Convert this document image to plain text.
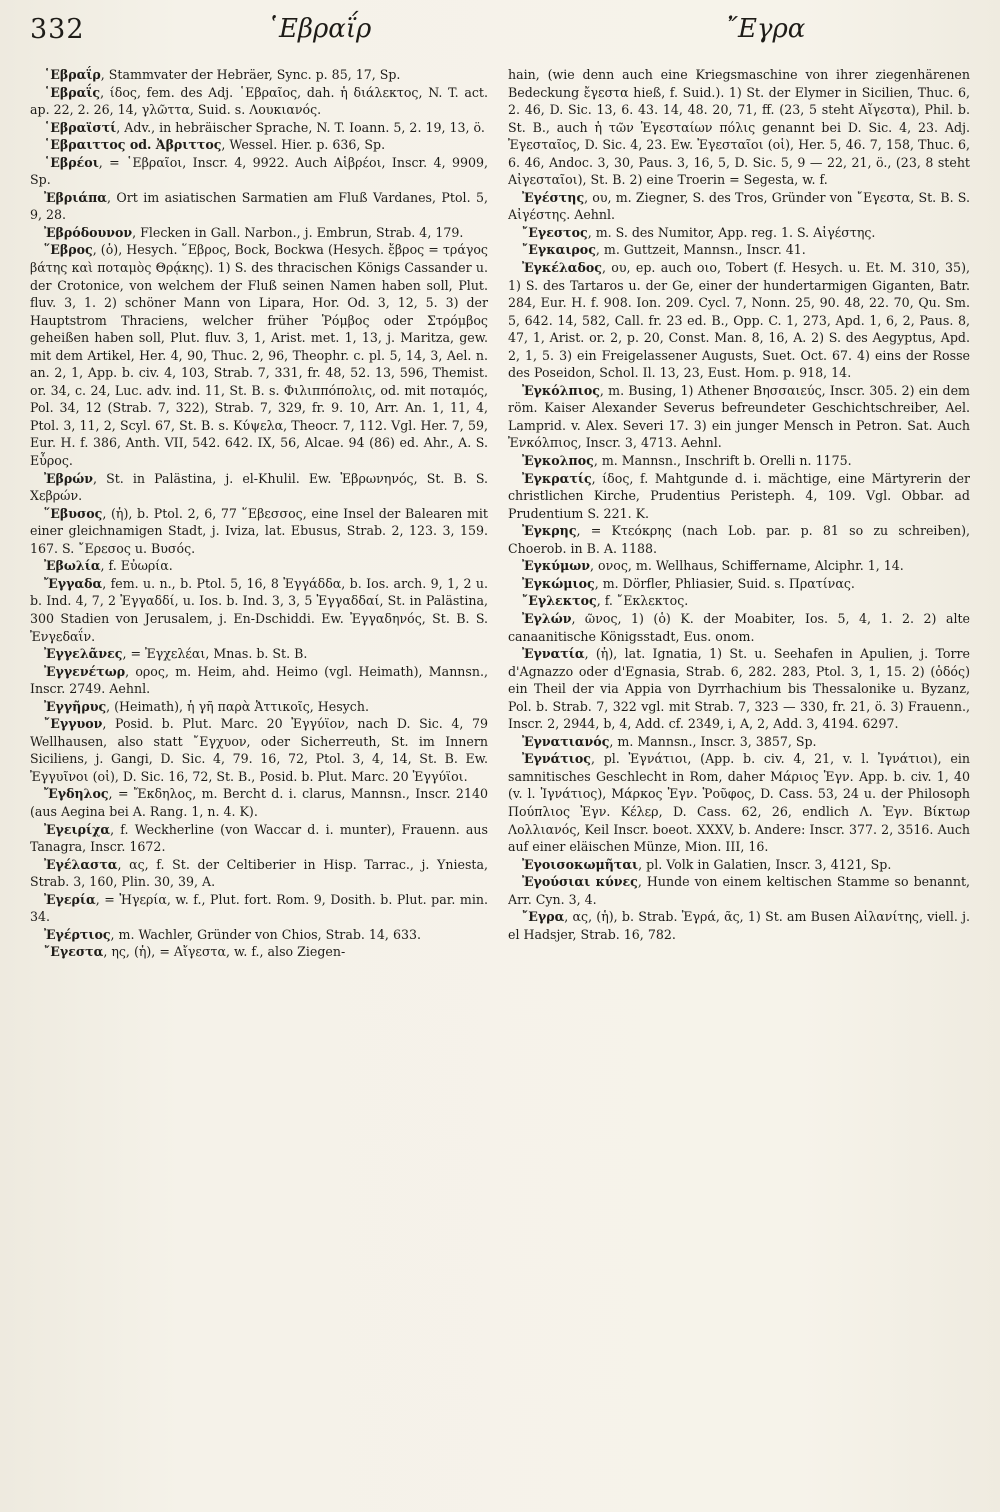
332	῾Εβραΐρ	῎Εγρα

῾Εβραΐρ, Stammvater der Hebräer, Sync. p. 85, 17, Sp.

῾Εβραΐς, ίδος, fem. des Adj. ῾Εβραῖος, dah. ἡ διάλεκτος, N. T. act. ap. 22, 2. 26, 14, γλῶττα, Suid. s. Λουκιανός.

῾Εβραϊστί, Adv., in hebräischer Sprache, N. T. Ioann. 5, 2. 19, 13, ö.

῾Εβραιττος od. Ἀβριττος, Wessel. Hier. p. 636, Sp.

῾Εβρέοι, = ῾Εβραῖοι, Inscr. 4, 9922. Auch Αἱβρέοι, Inscr. 4, 9909, Sp.

Ἐβριάπα, Ort im asiatischen Sarmatien am Fluß Vardanes, Ptol. 5, 9, 28.

Ἐβρόδουνον, Flecken in Gall. Narbon., j. Embrun, Strab. 4, 179.

῞Εβρος, (ὁ), Hesych. ῞Εβρος, Bock, Bockwa (Hesych. ἔβρος = τράγος βάτης καὶ ποταμὸς Θρᾴκης). 1) S. des thracischen Königs Cassander u. der Crotonice, von welchem der Fluß seinen Namen haben soll, Plut. fluv. 3, 1. 2) schöner Mann von Lipara, Hor. Od. 3, 12, 5. 3) der Hauptstrom Thraciens, welcher früher Ῥόμβος oder Στρόμβος geheißen haben soll, Plut. fluv. 3, 1, Arist. met. 1, 13, j. Maritza, gew. mit dem Artikel, Her. 4, 90, Thuc. 2, 96, Theophr. c. pl. 5, 14, 3, Ael. n. an. 2, 1, App. b. civ. 4, 103, Strab. 7, 331, fr. 48, 52. 13, 596, Themist. or. 34, c. 24, Luc. adv. ind. 11, St. B. s. Φιλιππόπολις, od. mit ποταμός, Pol. 34, 12 (Strab. 7, 322), Strab. 7, 329, fr. 9. 10, Arr. An. 1, 11, 4, Ptol. 3, 11, 2, Scyl. 67, St. B. s. Κύψελα, Theocr. 7, 112. Vgl. Her. 7, 59, Eur. H. f. 386, Anth. VII, 542. 642. IX, 56, Alcae. 94 (86) ed. Ahr., A. S. Εὖρος.

Ἐβρών, St. in Palästina, j. el-Khulil. Ew. Ἐβρωνηνός, St. B. S. Χεβρών.

῞Εβυσος, (ἡ), b. Ptol. 2, 6, 77 ῞Εβεσσος, eine Insel der Balearen mit einer gleichnamigen Stadt, j. Iviza, lat. Ebusus, Strab. 2, 123. 3, 159. 167. S. ῎Ερεσος u. Βυσός.

Ἐβωλία, f. Εὐωρία.

Ἔγγαδα, fem. u. n., b. Ptol. 5, 16, 8 Ἐγγάδδα, b. Ios. arch. 9, 1, 2 u. b. Ind. 4, 7, 2 Ἐγγαδδί, u. Ios. b. Ind. 3, 3, 5 Ἐγγαδδαί, St. in Palästina, 300 Stadien von Jerusalem, j. En-Dschiddi. Ew. Ἐγγαδηνός, St. B. S. Ἐνγεδαΐν.

Ἐγγελᾶνες, = Ἐγχελέαι, Mnas. b. St. B.

Ἐγγενέτωρ, ορος, m. Heim, ahd. Heimo (vgl. Heimath), Mannsn., Inscr. 2749. Aehnl.

Ἐγγῆρυς, (Heimath), ἡ γῆ παρὰ Ἀττικοῖς, Hesych.

῎Εγγυον, Posid. b. Plut. Marc. 20 Ἐγγύϊον, nach D. Sic. 4, 79 Wellhausen, also statt ῎Εγχυον, oder Sicherreuth, St. im Innern Siciliens, j. Gangi, D. Sic. 4, 79. 16, 72, Ptol. 3, 4, 14, St. B. Ew. Ἐγγυῖνοι (οἱ), D. Sic. 16, 72, St. B., Posid. b. Plut. Marc. 20 Ἐγγύϊοι.

Ἔγδηλος, = Ἔκδηλος, m. Bercht d. i. clarus, Mannsn., Inscr. 2140 (aus Aegina bei A. Rang. 1, n. 4. K).

Ἐγειρίχα, f. Weckherline (von Waccar d. i. munter), Frauenn. aus Tanagra, Inscr. 1672.

Ἐγέλαστα, ας, f. St. der Celtiberier in Hisp. Tarrac., j. Yniesta, Strab. 3, 160, Plin. 30, 39, A.

Ἐγερία, = Ἠγερία, w. f., Plut. fort. Rom. 9, Dosith. b. Plut. par. min. 34.

Ἐγέρτιος, m. Wachler, Gründer von Chios, Strab. 14, 633.

῎Εγεστα, ης, (ἡ), = Αἴγεστα, w. f., also Ziegen-

hain, (wie denn auch eine Kriegsmaschine von ihrer ziegenhärenen Bedeckung ἔγεστα hieß, f. Suid.). 1) St. der Elymer in Sicilien, Thuc. 6, 2. 46, D. Sic. 13, 6. 43. 14, 48. 20, 71, ff. (23, 5 steht Αἴγεστα), Phil. b. St. B., auch ἡ τῶν Ἐγεσταίων πόλις genannt bei D. Sic. 4, 23. Adj. Ἐγεσταῖος, D. Sic. 4, 23. Ew. Ἐγεσταῖοι (οἱ), Her. 5, 46. 7, 158, Thuc. 6, 6. 46, Andoc. 3, 30, Paus. 3, 16, 5, D. Sic. 5, 9 — 22, 21, ö., (23, 8 steht Αἰγεσταῖοι), St. B. 2) eine Troerin = Segesta, w. f.

Ἐγέστης, ου, m. Ziegner, S. des Tros, Gründer von ῎Εγεστα, St. B. S. Αἰγέστης. Aehnl.

῎Εγεστος, m. S. des Numitor, App. reg. 1. S. Αἰγέστης.

῎Εγκαιρος, m. Guttzeit, Mannsn., Inscr. 41.

Ἐγκέλαδος, ου, ep. auch οιο, Tobert (f. Hesych. u. Et. M. 310, 35), 1) S. des Tartaros u. der Ge, einer der hundertarmigen Giganten, Batr. 284, Eur. H. f. 908. Ion. 209. Cycl. 7, Nonn. 25, 90. 48, 22. 70, Qu. Sm. 5, 642. 14, 582, Call. fr. 23 ed. B., Opp. C. 1, 273, Apd. 1, 6, 2, Paus. 8, 47, 1, Arist. or. 2, p. 20, Const. Man. 8, 16, A. 2) S. des Aegyptus, Apd. 2, 1, 5. 3) ein Freigelassener Augusts, Suet. Oct. 67. 4) eins der Rosse des Poseidon, Schol. Il. 13, 23, Eust. Hom. p. 918, 14.

Ἐγκόλπιος, m. Busing, 1) Athener Βησσαιεύς, Inscr. 305. 2) ein dem röm. Kaiser Alexander Severus befreundeter Geschichtschreiber, Ael. Lamprid. v. Alex. Severi 17. 3) ein junger Mensch in Petron. Sat. Auch Ἐνκόλπιος, Inscr. 3, 4713. Aehnl.

Ἐγκολπος, m. Mannsn., Inschrift b. Orelli n. 1175.

Ἐγκρατίς, ίδος, f. Mahtgunde d. i. mächtige, eine Märtyrerin der christlichen Kirche, Prudentius Peristeph. 4, 109. Vgl. Obbar. ad Prudentium S. 221. K.

Ἐγκρης, = Κτεόκρης (nach Lob. par. p. 81 so zu schreiben), Choerob. in B. A. 1188.

Ἐγκύμων, ονος, m. Wellhaus, Schiffername, Alciphr. 1, 14.

Ἐγκώμιος, m. Dörfler, Phliasier, Suid. s. Πρατίνας.

῎Εγλεκτος, f. ῎Εκλεκτος.

Ἐγλών, ῶνος, 1) (ὁ) K. der Moabiter, Ios. 5, 4, 1. 2. 2) alte canaanitische Königsstadt, Eus. onom.

Ἐγνατία, (ἡ), lat. Ignatia, 1) St. u. Seehafen in Apulien, j. Torre d'Agnazzo oder d'Egnasia, Strab. 6, 282. 283, Ptol. 3, 1, 15. 2) (ὁδός) ein Theil der via Appia von Dyrrhachium bis Thessalonike u. Byzanz, Pol. b. Strab. 7, 322 vgl. mit Strab. 7, 323 — 330, fr. 21, ö. 3) Frauenn., Inscr. 2, 2944, b, 4, Add. cf. 2349, i, A, 2, Add. 3, 4194. 6297.

Ἐγνατιανός, m. Mannsn., Inscr. 3, 3857, Sp.

Ἐγνάτιος, pl. Ἐγνάτιοι, (App. b. civ. 4, 21, v. l. Ἰγνάτιοι), ein samnitisches Geschlecht in Rom, daher Μάριος Ἐγν. App. b. civ. 1, 40 (v. l. Ἰγνάτιος), Μάρκος Ἐγν. Ῥοῦφος, D. Cass. 53, 24 u. der Philosoph Πούπλιος Ἐγν. Κέλερ, D. Cass. 62, 26, endlich Λ. Ἐγν. Βίκτωρ Λολλιανός, Keil Inscr. boeot. XXXV, b. Andere: Inscr. 377. 2, 3516. Auch auf einer eläischen Münze, Mion. III, 16.

Ἐγοισοκωμῆται, pl. Volk in Galatien, Inscr. 3, 4121, Sp.

Ἐγούσιαι κύνες, Hunde von einem keltischen Stamme so benannt, Arr. Cyn. 3, 4.

῎Εγρα, ας, (ἡ), b. Strab. Ἐγρά, ᾶς, 1) St. am Busen Αἰλανίτης, viell. j. el Hadsjer, Strab. 16, 782.
